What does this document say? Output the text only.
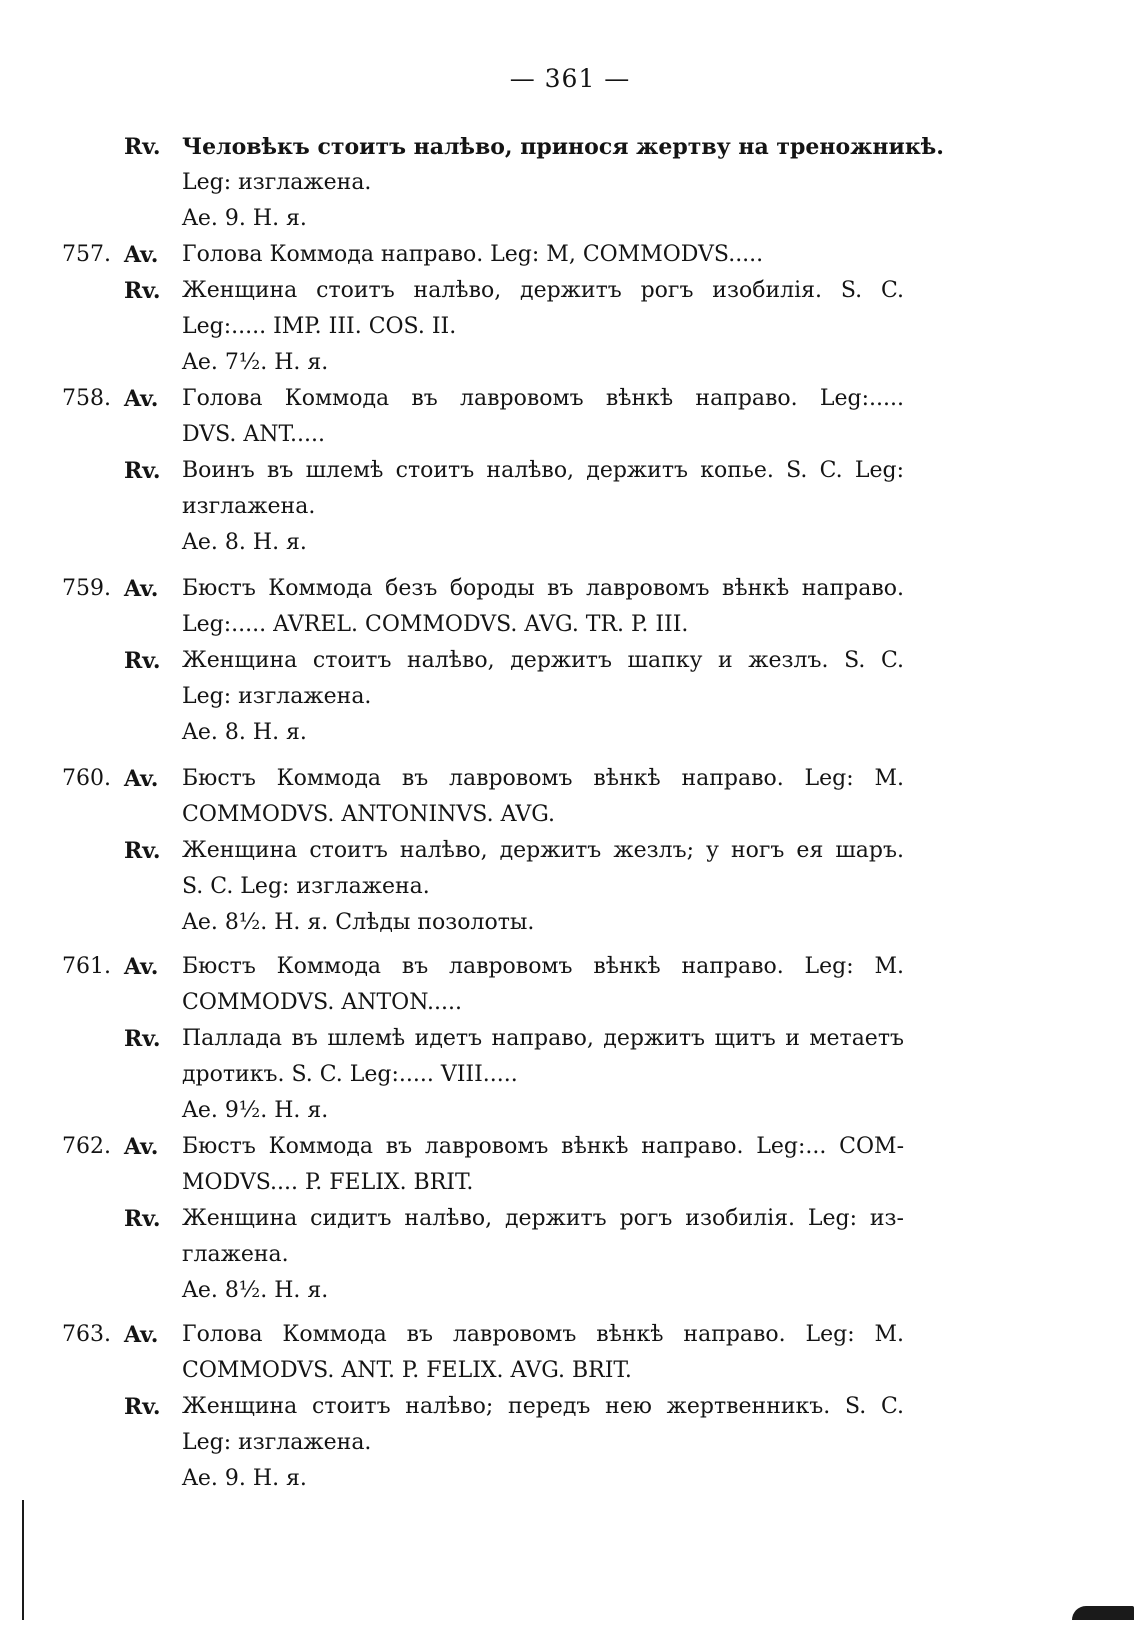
— 361 —
Rv. Человѣкъ стоитъ налѣво, принося жертву на треножникѣ.
Leg: изглажена.
Ae. 9. Н. я.
757. Av. Голова Коммода направо. Leg: M, COMMODVS.....
Rv. Женщина стоитъ налѣво, держитъ рогъ изобилія. S. C.
Leg:..... IMP. III. COS. II.
Ae. 7½. Н. я.
758. Av. Голова Коммода въ лавровомъ вѣнкѣ направо. Leg:.....
DVS. ANT.....
Rv. Воинъ въ шлемѣ стоитъ налѣво, держитъ копье. S. C. Leg:
изглажена.
Ae. 8. Н. я.
759. Av. Бюстъ Коммода безъ бороды въ лавровомъ вѣнкѣ направо.
Leg:..... AVREL. COMMODVS. AVG. TR. P. III.
Rv. Женщина стоитъ налѣво, держитъ шапку и жезлъ. S. C.
Leg: изглажена.
Ae. 8. Н. я.
760. Av. Бюстъ Коммода въ лавровомъ вѣнкѣ направо. Leg: M.
COMMODVS. ANTONINVS. AVG.
Rv. Женщина стоитъ налѣво, держитъ жезлъ; у ногъ ея шаръ.
S. C. Leg: изглажена.
Ae. 8½. Н. я. Слѣды позолоты.
761. Av. Бюстъ Коммода въ лавровомъ вѣнкѣ направо. Leg: M.
COMMODVS. ANTON.....
Rv. Паллада въ шлемѣ идетъ направо, держитъ щитъ и метаетъ
дротикъ. S. C. Leg:..... VIII.....
Ae. 9½. Н. я.
762. Av. Бюстъ Коммода въ лавровомъ вѣнкѣ направо. Leg:... COM-
MODVS.... P. FELIX. BRIT.
Rv. Женщина сидитъ налѣво, держитъ рогъ изобилія. Leg: из-
глажена.
Ae. 8½. Н. я.
763. Av. Голова Коммода въ лавровомъ вѣнкѣ направо. Leg: M.
COMMODVS. ANT. P. FELIX. AVG. BRIT.
Rv. Женщина стоитъ налѣво; передъ нею жертвенникъ. S. C.
Leg: изглажена.
Ae. 9. Н. я.
